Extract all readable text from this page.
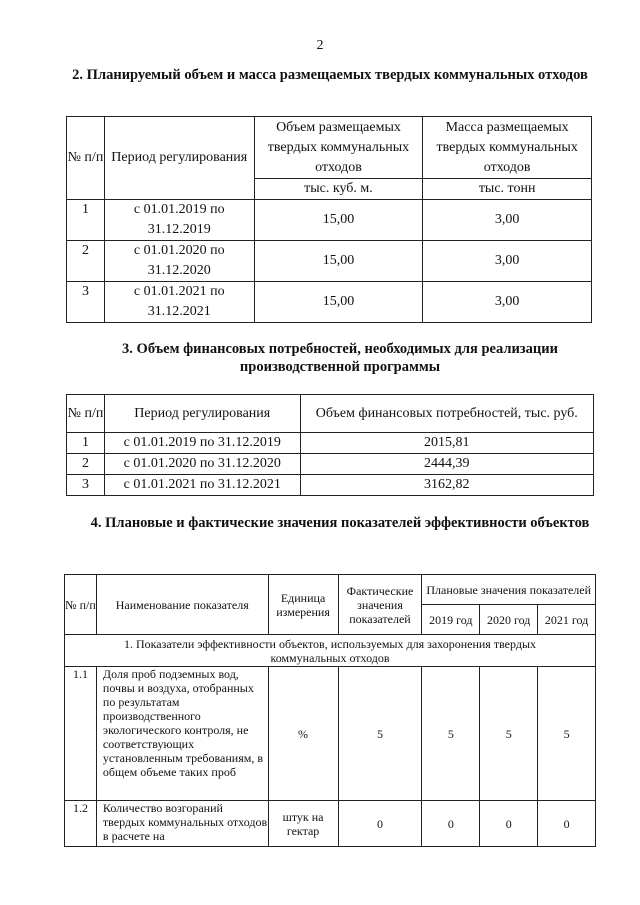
2
2. Планируемый объем и масса размещаемых твердых коммунальных отходов
№ п/п	Период регулирования	Объем размещаемых твердых коммунальных отходов	Масса размещаемых твердых коммунальных отходов
		тыс. куб. м.	тыс. тонн
1	с 01.01.2019 по 31.12.2019	15,00	3,00
2	с 01.01.2020 по 31.12.2020	15,00	3,00
3	с 01.01.2021 по 31.12.2021	15,00	3,00
3. Объем финансовых потребностей, необходимых для реализации производственной программы
№ п/п	Период регулирования	Объем финансовых потребностей, тыс. руб.
1	с 01.01.2019 по 31.12.2019	2015,81
2	с 01.01.2020 по 31.12.2020	2444,39
3	с 01.01.2021 по 31.12.2021	3162,82
4. Плановые и фактические значения показателей эффективности объектов
№ п/п	Наименование показателя	Единица измерения	Фактические значения показателей	Плановые значения показателей		
				2019 год	2020 год	2021 год
1. Показатели эффективности объектов, используемых для захоронения твердых коммунальных отходов						
1.1	Доля проб подземных вод, почвы и воздуха, отобранных по результатам производственного экологического контроля, не соответствующих установленным требованиям, в общем объеме таких проб	%	5	5	5	5
1.2	Количество возгораний твердых коммунальных отходов в расчете на	штук на гектар	0	0	0	0
